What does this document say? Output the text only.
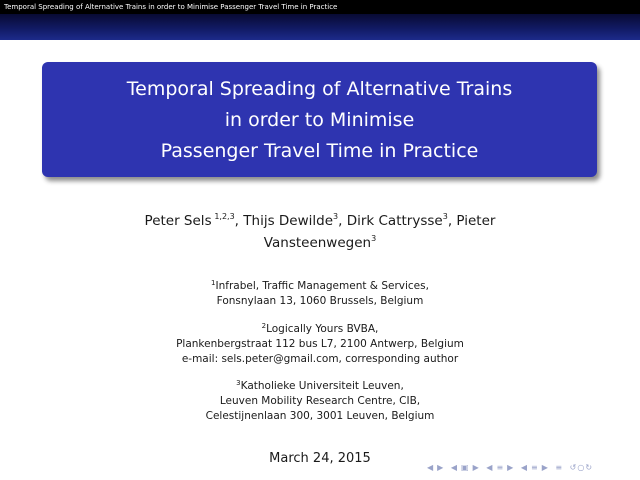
Temporal Spreading of Alternative Trains in order to Minimise Passenger Travel Time in Practice
Temporal Spreading of Alternative Trains
in order to Minimise
Passenger Travel Time in Practice
Peter Sels  $^{1,2,3}$, Thijs Dewilde$^3$, Dirk Cattrysse$^3$, Pieter
Vansteenwegen$^3$
$^1$Infrabel, Traffic Management & Services,
Fonsnylaan 13, 1060 Brussels, Belgium
$^2$Logically Yours BVBA,
Plankenbergstraat 112 bus L7, 2100 Antwerp, Belgium
e-mail: sels.peter@gmail.com, corresponding author
$^3$Katholieke Universiteit Leuven,
Leuven Mobility Research Centre, CIB,
Celestijnenlaan 300, 3001 Leuven, Belgium
March 24, 2015
◀ ▶ ◀ ▣ ▶ ◀ ≡ ▶ ◀ ≡ ▶ ≡ ↺○↻
